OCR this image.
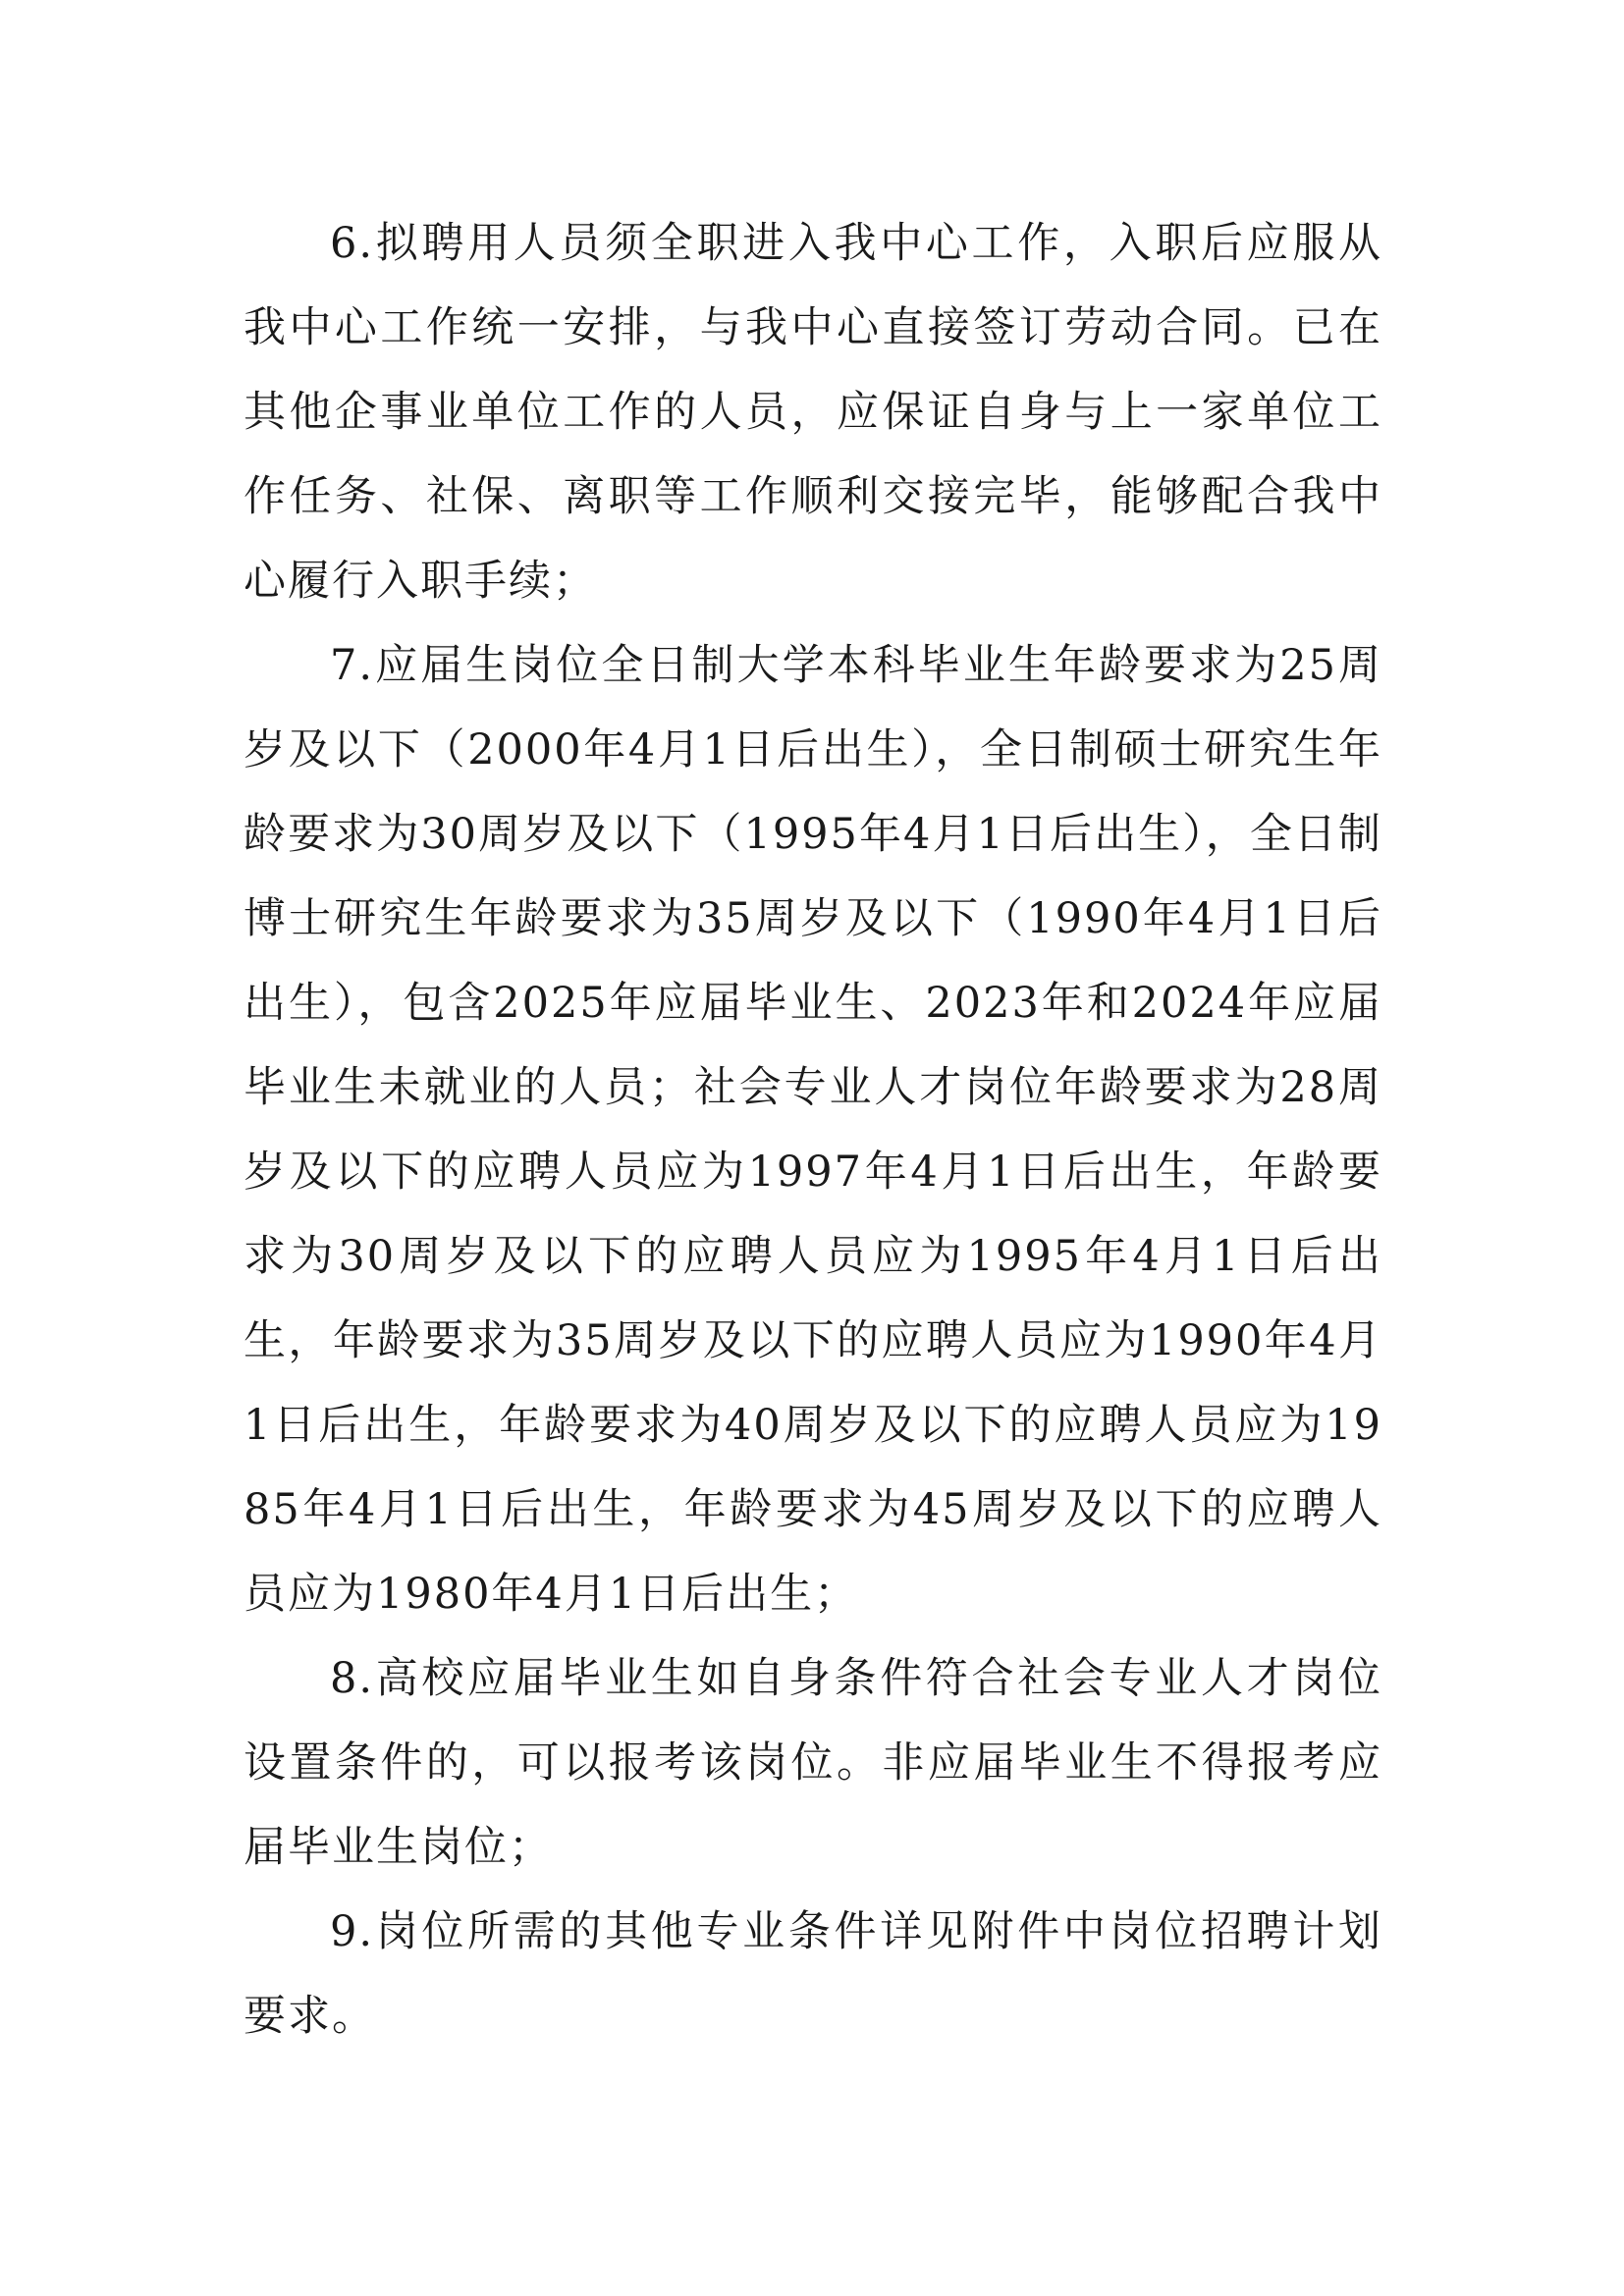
6.拟聘用人员须全职进入我中心工作，入职后应服从我中心工作统一安排，与我中心直接签订劳动合同。已在其他企事业单位工作的人员，应保证自身与上一家单位工作任务、社保、离职等工作顺利交接完毕，能够配合我中心履行入职手续；

7.应届生岗位全日制大学本科毕业生年龄要求为25周岁及以下（2000年4月1日后出生），全日制硕士研究生年龄要求为30周岁及以下（1995年4月1日后出生），全日制博士研究生年龄要求为35周岁及以下（1990年4月1日后出生），包含2025年应届毕业生、2023年和2024年应届毕业生未就业的人员；社会专业人才岗位年龄要求为28周岁及以下的应聘人员应为1997年4月1日后出生，年龄要求为30周岁及以下的应聘人员应为1995年4月1日后出生，年龄要求为35周岁及以下的应聘人员应为1990年4月1日后出生，年龄要求为40周岁及以下的应聘人员应为1985年4月1日后出生，年龄要求为45周岁及以下的应聘人员应为1980年4月1日后出生；

8.高校应届毕业生如自身条件符合社会专业人才岗位设置条件的，可以报考该岗位。非应届毕业生不得报考应届毕业生岗位；

9.岗位所需的其他专业条件详见附件中岗位招聘计划要求。
